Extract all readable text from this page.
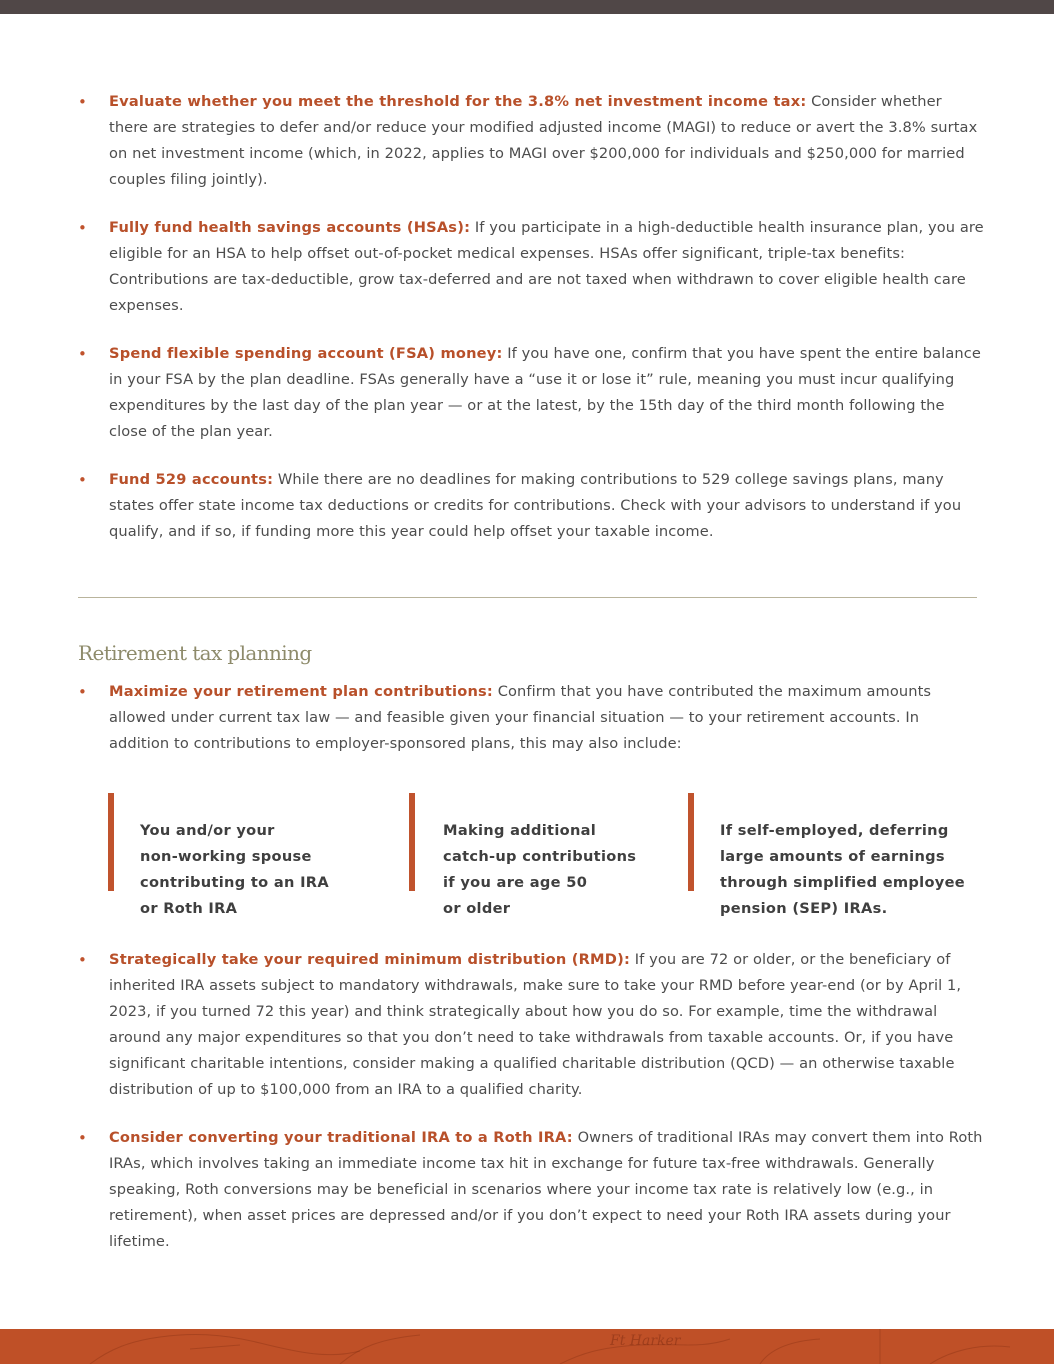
• Evaluate whether you meet the threshold for the 3.8% net investment income tax: Consider whether there are strategies to defer and/or reduce your modified adjusted income (MAGI) to reduce or avert the 3.8% surtax on net investment income (which, in 2022, applies to MAGI over $200,000 for individuals and $250,000 for married couples filing jointly).
• Fully fund health savings accounts (HSAs): If you participate in a high-deductible health insurance plan, you are eligible for an HSA to help offset out-of-pocket medical expenses. HSAs offer significant, triple-tax benefits: Contributions are tax-deductible, grow tax-deferred and are not taxed when withdrawn to cover eligible health care expenses.
• Spend flexible spending account (FSA) money: If you have one, confirm that you have spent the entire balance in your FSA by the plan deadline. FSAs generally have a “use it or lose it” rule, meaning you must incur qualifying expenditures by the last day of the plan year — or at the latest, by the 15th day of the third month following the close of the plan year.
• Fund 529 accounts: While there are no deadlines for making contributions to 529 college savings plans, many states offer state income tax deductions or credits for contributions. Check with your advisors to understand if you qualify, and if so, if funding more this year could help offset your taxable income.
Retirement tax planning
• Maximize your retirement plan contributions: Confirm that you have contributed the maximum amounts allowed under current tax law — and feasible given your financial situation — to your retirement accounts. In addition to contributions to employer-sponsored plans, this may also include:

You and/or your
non-working spouse
contributing to an IRA
or Roth IRA

Making additional
catch-up contributions
if you are age 50
or older

If self-employed, deferring
large amounts of earnings
through simplified employee
pension (SEP) IRAs.

• Strategically take your required minimum distribution (RMD): If you are 72 or older, or the beneficiary of inherited IRA assets subject to mandatory withdrawals, make sure to take your RMD before year-end (or by April 1, 2023, if you turned 72 this year) and think strategically about how you do so. For example, time the withdrawal around any major expenditures so that you don’t need to take withdrawals from taxable accounts. Or, if you have significant charitable intentions, consider making a qualified charitable distribution (QCD) — an otherwise taxable distribution of up to $100,000 from an IRA to a qualified charity.
• Consider converting your traditional IRA to a Roth IRA: Owners of traditional IRAs may convert them into Roth IRAs, which involves taking an immediate income tax hit in exchange for future tax-free withdrawals. Generally speaking, Roth conversions may be beneficial in scenarios where your income tax rate is relatively low (e.g., in retirement), when asset prices are depressed and/or if you don’t expect to need your Roth IRA assets during your lifetime.
Ft Harker
